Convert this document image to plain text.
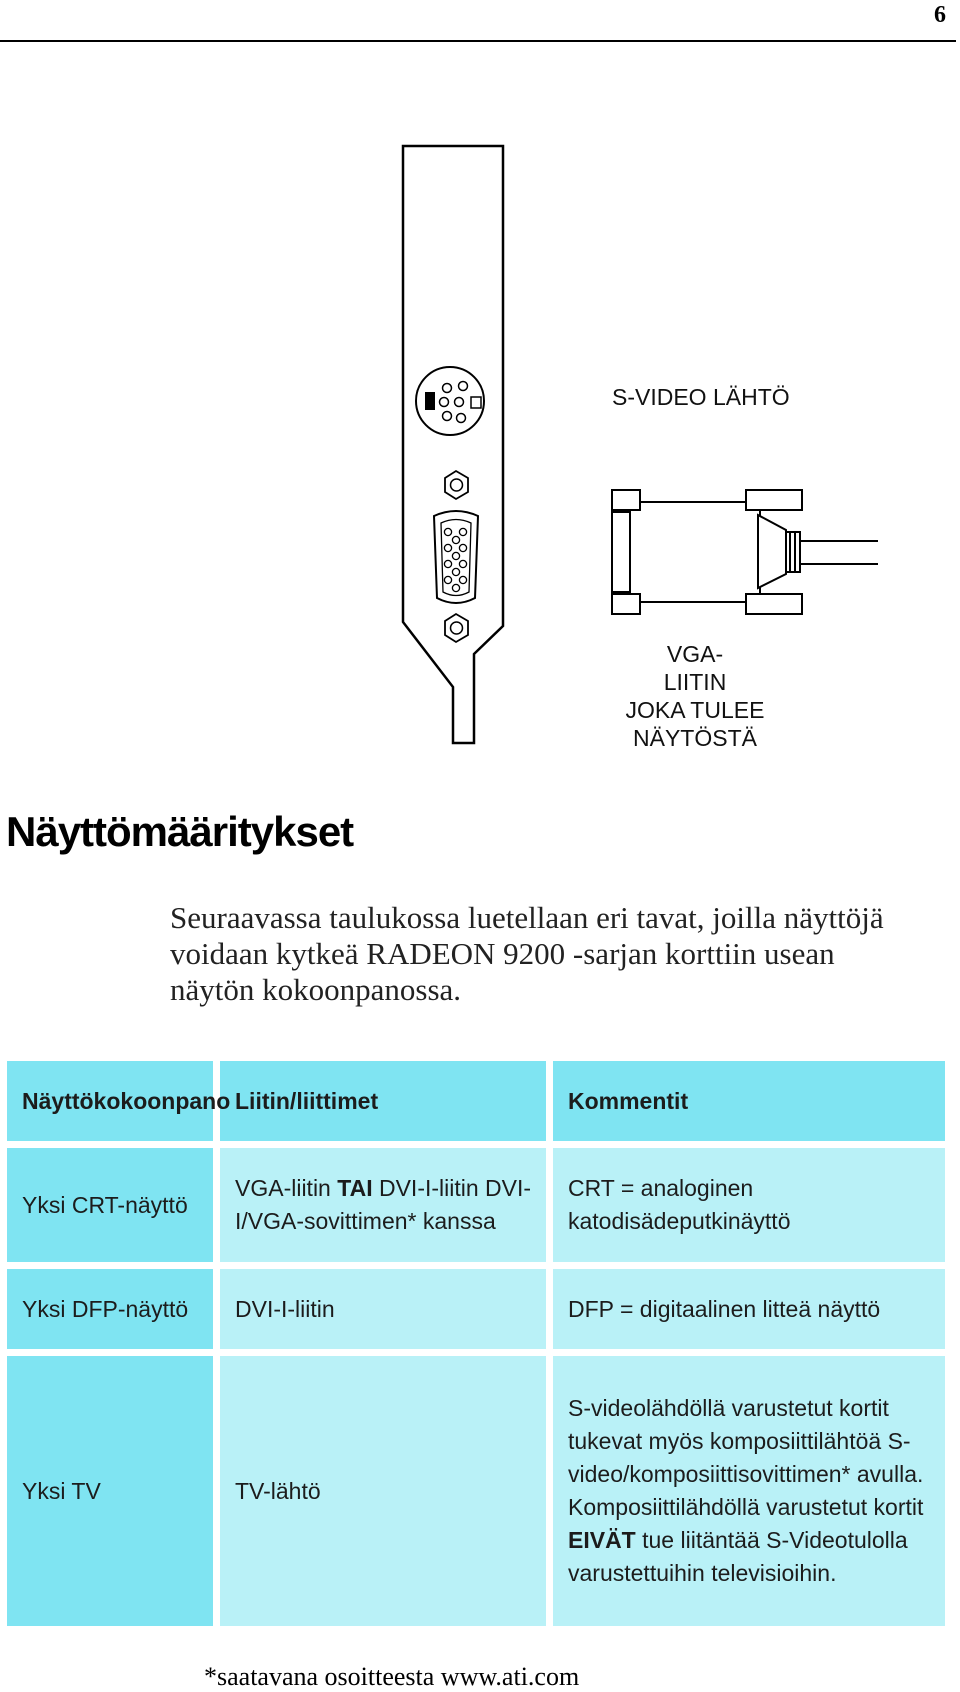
6
S-VIDEO LÄHTÖ
VGA-
LIITIN
JOKA TULEE
NÄYTÖSTÄ
Näyttömääritykset

Seuraavassa taulukossa luetellaan eri tavat, joilla näyttöjä voidaan kytkeä RADEON 9200 -sarjan korttiin usean näytön kokoonpanossa.

Näyttökokoonpano	Liitin/liittimet	Kommentit
Yksi CRT-näyttö	VGA-liitin TAI DVI-I-liitin DVI-I/VGA-sovittimen* kanssa	CRT = analoginen katodisädeputkinäyttö
Yksi DFP-näyttö	DVI-I-liitin	DFP = digitaalinen litteä näyttö
Yksi TV	TV-lähtö	S-videolähdöllä varustetut kortit tukevat myös komposiittilähtöä S-video/komposiittisovittimen* avulla. Komposiittilähdöllä varustetut kortit EIVÄT tue liitäntää S-Videotulolla varustettuihin televisioihin.

*saatavana osoitteesta www.ati.com
